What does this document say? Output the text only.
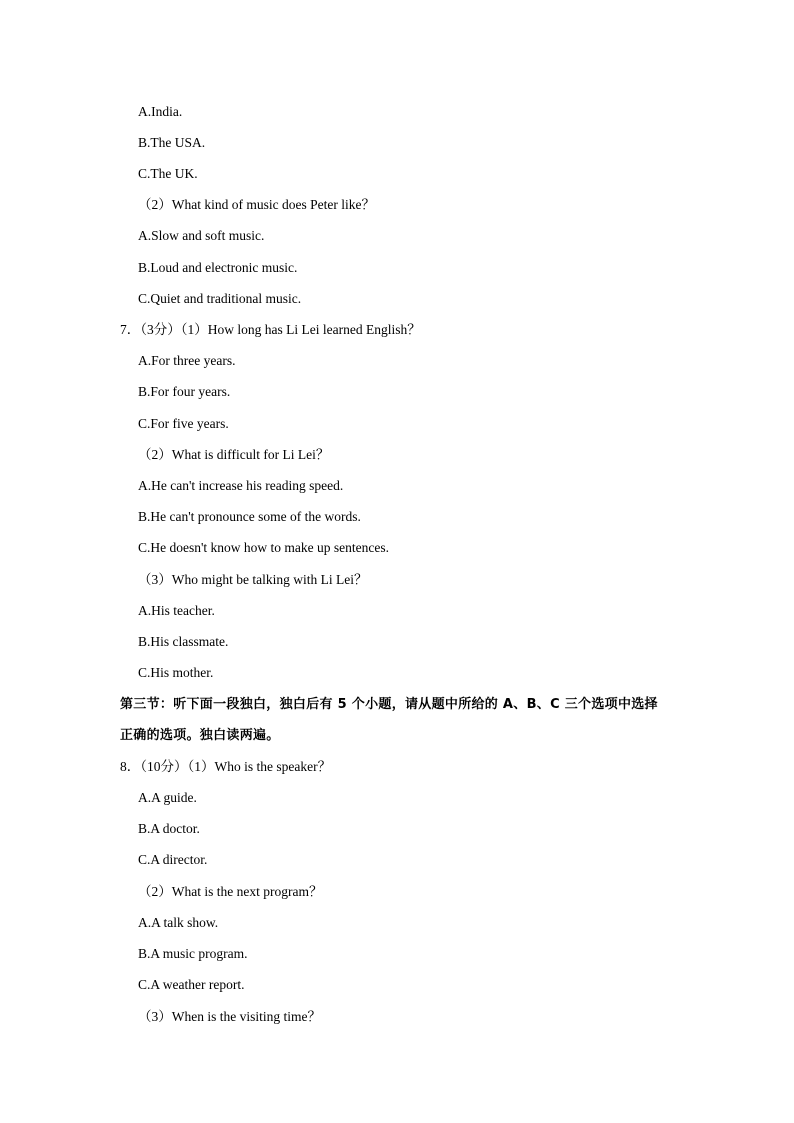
A.India.
B.The USA.
C.The UK.
（2）What kind of music does Peter like？
A.Slow and soft music.
B.Loud and electronic music.
C.Quiet and traditional music.
7．（3分）（1）How long has Li Lei learned English？
A.For three years.
B.For four years.
C.For five years.
（2）What is difficult for Li Lei？
A.He can't increase his reading speed.
B.He can't pronounce some of the words.
C.He doesn't know how to make up sentences.
（3）Who might be talking with Li Lei？
A.His teacher.
B.His classmate.
C.His mother.
第三节：听下面一段独白，独白后有 5 个小题，请从题中所给的 A、B、C 三个选项中选择
正确的选项。独白读两遍。
8．（10分）（1）Who is the speaker？
A.A guide.
B.A doctor.
C.A director.
（2）What is the next program？
A.A talk show.
B.A music program.
C.A weather report.
（3）When is the visiting time？
